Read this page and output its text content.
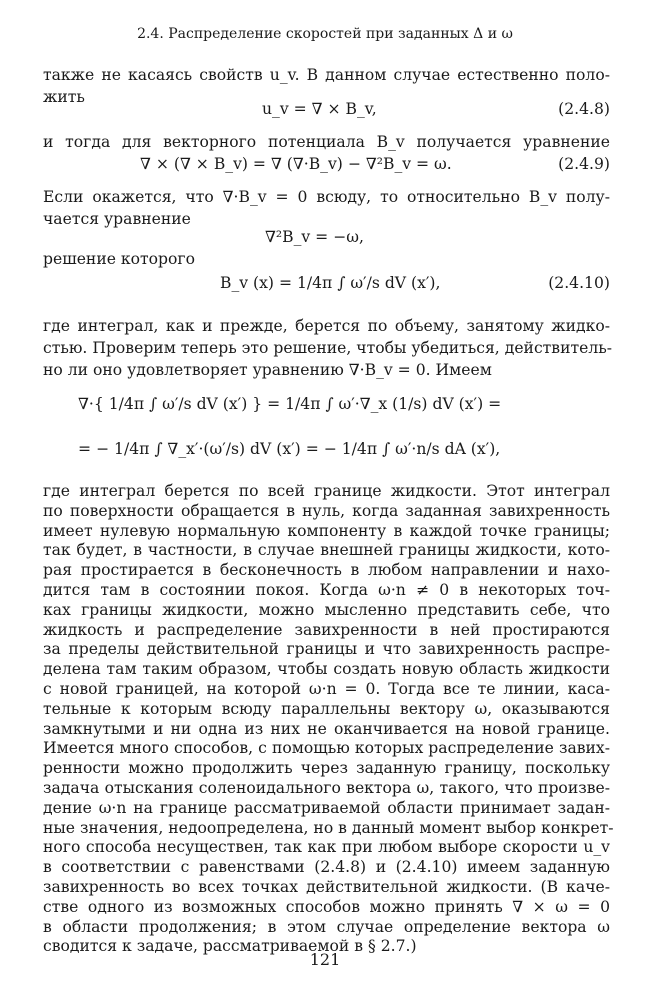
2.4. Распределение скоростей при заданных Δ и ω
также не касаясь свойств u_v. В данном случае естественно поло-
жить
u_v = ∇ × B_v,	(2.4.8)
и тогда для векторного потенциала B_v получается уравнение
∇ × (∇ × B_v) = ∇ (∇·B_v) − ∇²B_v = ω.	(2.4.9)
Если окажется, что ∇·B_v = 0 всюду, то относительно B_v полу-
чается уравнение
∇²B_v = −ω,
решение которого
B_v (x) = 1/4π ∫ ω′/s dV (x′),	(2.4.10)
где интеграл, как и прежде, берется по объему, занятому жидко-
стью. Проверим теперь это решение, чтобы убедиться, действитель-
но ли оно удовлетворяет уравнению ∇·B_v = 0. Имеем
∇·{ 1/4π ∫ ω′/s dV (x′) } = 1/4π ∫ ω′·∇_x (1/s) dV (x′) =
= − 1/4π ∫ ∇_x′·(ω′/s) dV (x′) = − 1/4π ∫ ω′·n/s dA (x′),
где интеграл берется по всей границе жидкости. Этот интеграл
по поверхности обращается в нуль, когда заданная завихренность
имеет нулевую нормальную компоненту в каждой точке границы;
так будет, в частности, в случае внешней границы жидкости, кото-
рая простирается в бесконечность в любом направлении и нахо-
дится там в состоянии покоя. Когда ω·n ≠ 0 в некоторых точ-
ках границы жидкости, можно мысленно представить себе, что
жидкость и распределение завихренности в ней простираются
за пределы действительной границы и что завихренность распре-
делена там таким образом, чтобы создать новую область жидкости
с новой границей, на которой ω·n = 0. Тогда все те линии, каса-
тельные к которым всюду параллельны вектору ω, оказываются
замкнутыми и ни одна из них не оканчивается на новой границе.
Имеется много способов, с помощью которых распределение завих-
ренности можно продолжить через заданную границу, поскольку
задача отыскания соленоидального вектора ω, такого, что произве-
дение ω·n на границе рассматриваемой области принимает задан-
ные значения, недоопределена, но в данный момент выбор конкрет-
ного способа несуществен, так как при любом выборе скорости u_v
в соответствии с равенствами (2.4.8) и (2.4.10) имеем заданную
завихренность во всех точках действительной жидкости. (В каче-
стве одного из возможных способов можно принять ∇ × ω = 0
в области продолжения; в этом случае определение вектора ω
сводится к задаче, рассматриваемой в § 2.7.)
121
